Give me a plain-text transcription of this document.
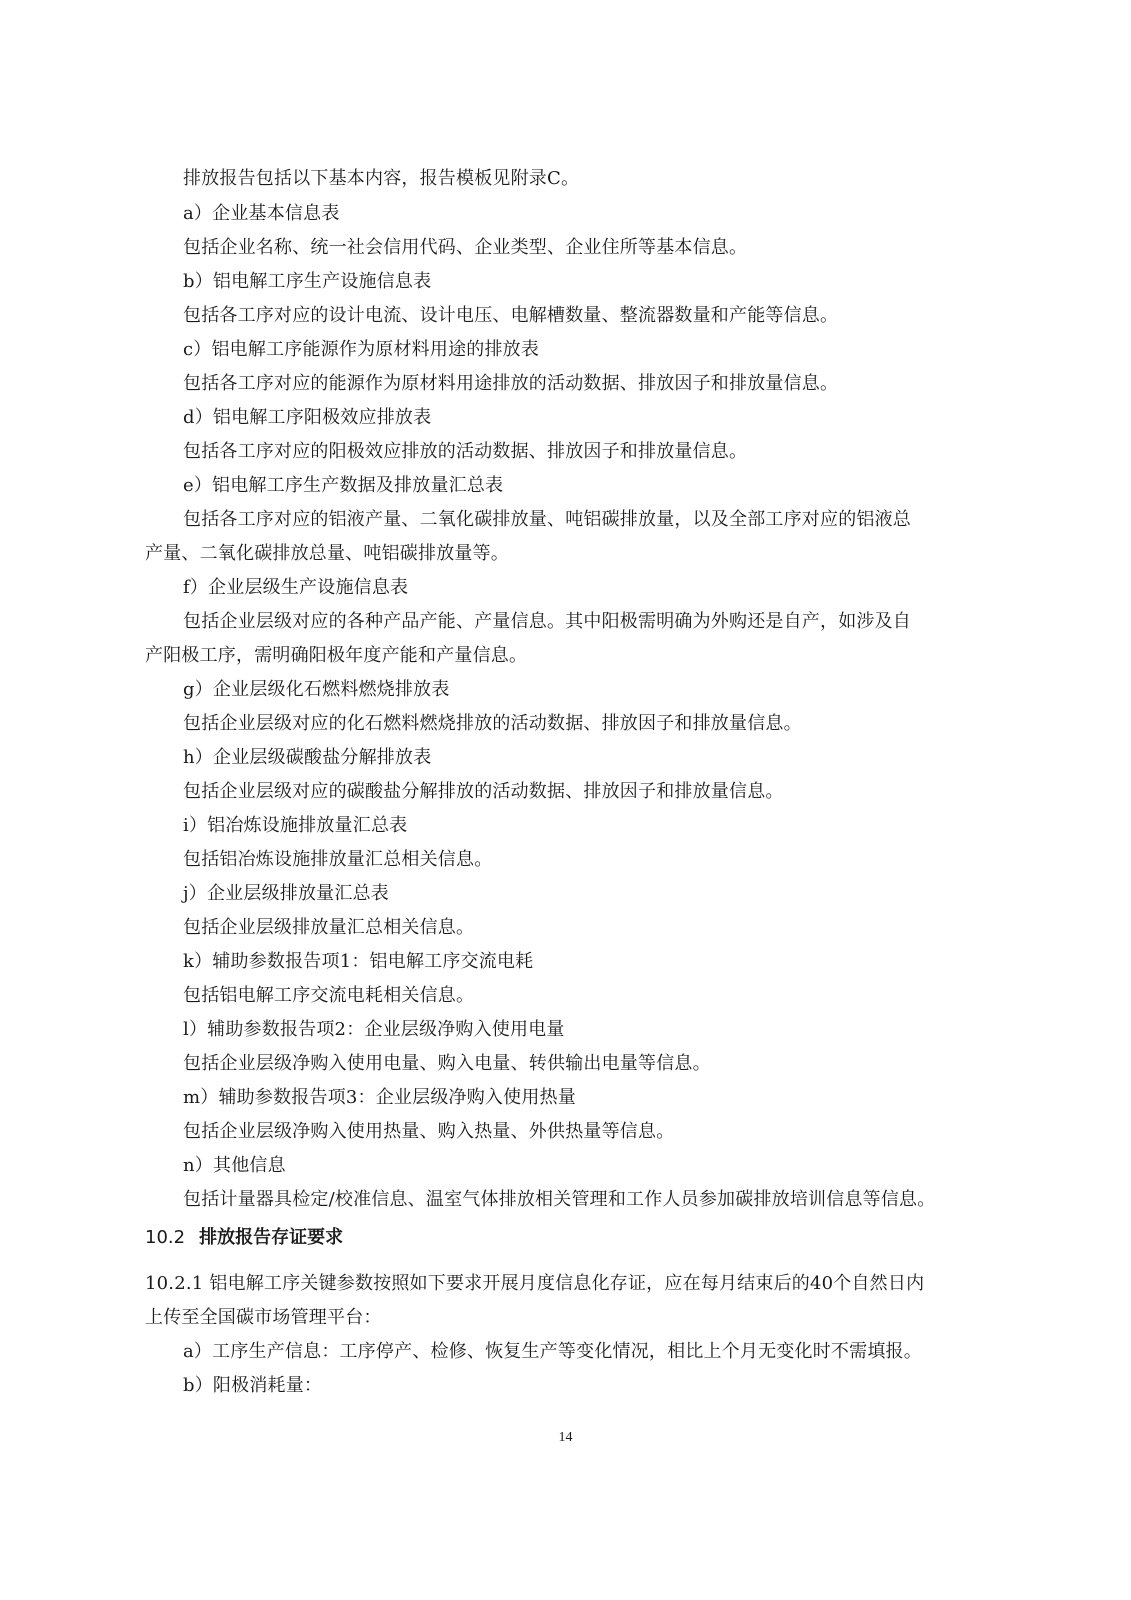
排放报告包括以下基本内容，报告模板见附录C。
a）企业基本信息表
包括企业名称、统一社会信用代码、企业类型、企业住所等基本信息。
b）铝电解工序生产设施信息表
包括各工序对应的设计电流、设计电压、电解槽数量、整流器数量和产能等信息。
c）铝电解工序能源作为原材料用途的排放表
包括各工序对应的能源作为原材料用途排放的活动数据、排放因子和排放量信息。
d）铝电解工序阳极效应排放表
包括各工序对应的阳极效应排放的活动数据、排放因子和排放量信息。
e）铝电解工序生产数据及排放量汇总表
包括各工序对应的铝液产量、二氧化碳排放量、吨铝碳排放量，以及全部工序对应的铝液总
产量、二氧化碳排放总量、吨铝碳排放量等。
f）企业层级生产设施信息表
包括企业层级对应的各种产品产能、产量信息。其中阳极需明确为外购还是自产，如涉及自
产阳极工序，需明确阳极年度产能和产量信息。
g）企业层级化石燃料燃烧排放表
包括企业层级对应的化石燃料燃烧排放的活动数据、排放因子和排放量信息。
h）企业层级碳酸盐分解排放表
包括企业层级对应的碳酸盐分解排放的活动数据、排放因子和排放量信息。
i）铝冶炼设施排放量汇总表
包括铝冶炼设施排放量汇总相关信息。
j）企业层级排放量汇总表
包括企业层级排放量汇总相关信息。
k）辅助参数报告项1：铝电解工序交流电耗
包括铝电解工序交流电耗相关信息。
l）辅助参数报告项2：企业层级净购入使用电量
包括企业层级净购入使用电量、购入电量、转供输出电量等信息。
m）辅助参数报告项3：企业层级净购入使用热量
包括企业层级净购入使用热量、购入热量、外供热量等信息。
n）其他信息
包括计量器具检定/校准信息、温室气体排放相关管理和工作人员参加碳排放培训信息等信息。
10.2 排放报告存证要求
10.2.1 铝电解工序关键参数按照如下要求开展月度信息化存证，应在每月结束后的40个自然日内
上传至全国碳市场管理平台：
a）工序生产信息：工序停产、检修、恢复生产等变化情况，相比上个月无变化时不需填报。
b）阳极消耗量：
14
